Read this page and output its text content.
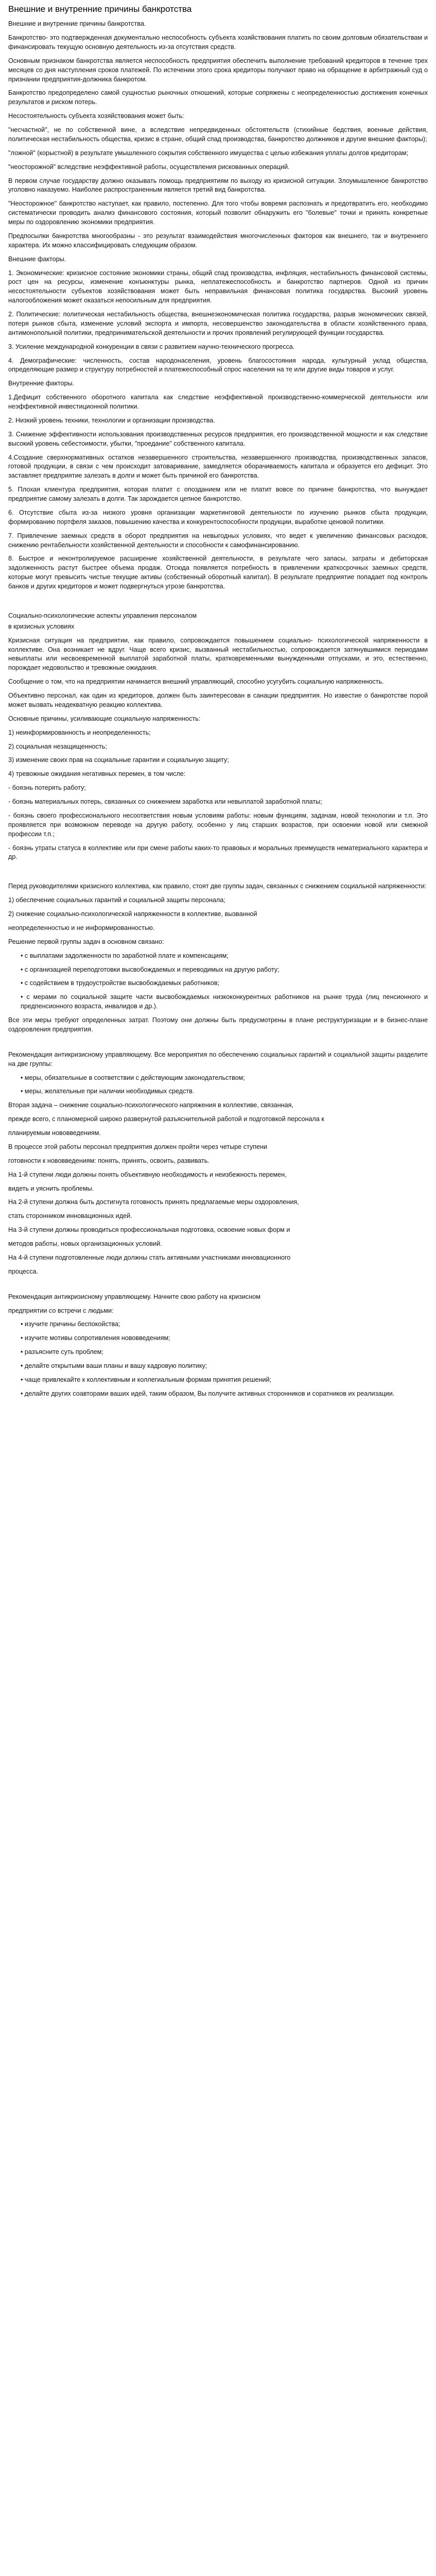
Внешние и внутренние причины банкротства

Внешние и внутренние причины банкротства.

Банкротство- это подтвержденная документально неспособность субъекта хозяйствования платить по своим долговым обязательствам и финансировать текущую основную деятельность из-за отсутствия средств.

Основным признаком банкротства является неспособность предприятия обеспечить выполнение требований кредиторов в течение трех месяцев со дня наступления сроков платежей. По истечении этого срока кредиторы получают право на обращение в арбитражный суд о признании предприятия-должника банкротом.

Банкротство предопределено самой сущностью рыночных отношений, которые сопряжены с неопределенностью достижения конечных результатов и риском потерь.

Несостоятельность субъекта хозяйствования может быть:

"несчастной", не по собственной вине, а вследствие непредвиденных обстоятельств (стихийные бедствия, военные действия, политическая нестабильность общества, кризис в стране, общий спад производства, банкротство должников и другие внешние факторы);

"ложной" (корыстной) в результате умышленного сокрытия собственного имущества с целью избежания уплаты долгов кредиторам;

"неосторожной" вследствие неэффективной работы, осуществления рискованных операций.

В первом случае государству должно оказывать помощь предприятиям по выходу из кризисной ситуации. Злоумышленное банкротство уголовно наказуемо. Наиболее распространенным является третий вид банкротства.

"Неосторожное" банкротство наступает, как правило, постепенно. Для того чтобы вовремя распознать и предотвратить его, необходимо систематически проводить анализ финансового состояния, который позволит обнаружить его "болевые" точки и принять конкретные меры по оздоровлению экономики предприятия.

Предпосылки банкротства многообразны - это результат взаимодействия многочисленных факторов как внешнего, так и внутреннего характера. Их можно классифицировать следующим образом.

Внешние факторы.

1. Экономические: кризисное состояние экономики страны, общий спад производства, инфляция, нестабильность финансовой системы, рост цен на ресурсы, изменение конъюнктуры рынка, неплатежеспособность и банкротство партнеров. Одной из причин несостоятельности субъектов хозяйствования может быть неправильная финансовая политика государства. Высокий уровень налогообложения может оказаться непосильным для предприятия.

2. Политические: политическая нестабильность общества, внешнеэкономическая политика государства, разрыв экономических связей, потеря рынков сбыта, изменение условий экспорта и импорта, несовершенство законодательства в области хозяйственного права, антимонопольной политики, предпринимательской деятельности и прочих проявлений регулирующей функции государства.

3. Усиление международной конкуренции в связи с развитием научно-технического прогресса.

4. Демографические: численность, состав народонаселения, уровень благосостояния народа, культурный уклад общества, определяющие размер и структуру потребностей и платежеспособный спрос населения на те или другие виды товаров и услуг.

Внутренние факторы.

1.Дефицит собственного оборотного капитала как следствие неэффективной производственно-коммерческой деятельности или неэффективной инвестиционной политики.

2. Низкий уровень техники, технологии и организации производства.

3. Снижение эффективности использования производственных ресурсов предприятия, его производственной мощности и как следствие высокий уровень себестоимости, убытки, "проедание" собственного капитала.

4.Создание сверхнормативных остатков незавершенного строительства, незавершенного производства, производственных запасов, готовой продукции, в связи с чем происходит затоваривание, замедляется оборачиваемость капитала и образуется его дефицит. Это заставляет предприятие залезать в долги и может быть причиной его банкротства.

5. Плохая клиентура предприятия, которая платит с опозданием или не платит вовсе по причине банкротства, что вынуждает предприятие самому залезать в долги. Так зарождается цепное банкротство.

6. Отсутствие сбыта из-за низкого уровня организации маркетинговой деятельности по изучению рынков сбыта продукции, формированию портфеля заказов, повышению качества и конкурентоспособности продукции, выработке ценовой политики.

7. Привлечение заемных средств в оборот предприятия на невыгодных условиях, что ведет к увеличению финансовых расходов, снижению рентабельности хозяйственной деятельности и способности к самофинансированию.

8. Быстрое и неконтролируемое расширение хозяйственной деятельности, в результате чего запасы, затраты и дебиторская задолженность растут быстрее объема продаж. Отсюда появляется потребность в привлечении краткосрочных заемных средств, которые могут превысить чистые текущие активы (собственный оборотный капитал). В результате предприятие попадает под контроль банков и других кредиторов и может подвергнуться угрозе банкротства.

Социально-психологические аспекты управления персоналом

в кризисных условиях

Кризисная ситуация на предприятии, как правило, сопровождается повышением социально- психологической напряженности в коллективе. Она возникает не вдруг. Чаще всего кризис, вызванный нестабильностью, сопровождается затянувшимися периодами невыплаты или несвоевременной выплатой заработной платы, кратковременными вынужденными отпусками, и это, естественно, порождает недовольство и тревожные ожидания.

Сообщение о том, что на предприятии начинается внешний управляющий, способно усугубить социальную напряженность.

Объективно персонал, как один из кредиторов, должен быть заинтересован в санации предприятия. Но известие о банкротстве порой может вызвать неадекватную реакцию коллектива.

Основные причины, усиливающие социальную напряженность:

1) неинформированность и неопределенность;

2) социальная незащищенность;

3) изменение своих прав на социальные гарантии и социальную защиту;

4) тревожные ожидания негативных перемен, в том числе:

- боязнь потерять работу;

- боязнь материальных потерь, связанных со снижением заработка или невыплатой заработной платы;

- боязнь своего профессионального несоответствия новым условиям работы: новым функциям, задачам, новой технологии и т.п. Это проявляется при возможном переводе на другую работу, особенно у лиц старших возрастов, при освоении новой или смежной профессии т.п.;

- боязнь утраты статуса в коллективе или при смене работы каких-то правовых и моральных преимуществ нематериального характера и др.

Перед руководителями кризисного коллектива, как правило, стоят две группы задач, связанных с снижением социальной напряженности:

1) обеспечение социальных гарантий и социальной защиты персонала;

2) снижение социально-психологической напряженности в коллективе, вызванной

неопределенностью и не информированностью.

Решение первой группы задач в основном связано:

• с выплатами задолженности по заработной плате и компенсациям;

• с организацией переподготовки высвобождаемых и переводимых на другую работу;

• с содействием в трудоустройстве высвобождаемых работников;

• с мерами по социальной защите части высвобождаемых низкоконкурентных работников на рынке труда (лиц пенсионного и предпенсионного возраста, инвалидов и др.).

Все эти меры требуют определенных затрат. Поэтому они должны быть предусмотрены в плане реструктуризации и в бизнес-плане оздоровления предприятия.

Рекомендация антикризисному управляющему. Все мероприятия по обеспечению социальных гарантий и социальной защиты разделите на две группы:

• меры, обязательные в соответствии с действующим законодательством;

• меры, желательные при наличии необходимых средств.

Вторая задача – снижение социально-психологического напряжения в коллективе, связанная,

прежде всего, с планомерной широко развернутой разъяснительной работой и подготовкой персонала к

планируемым нововведениям.

В процессе этой работы персонал предприятия должен пройти через четыре ступени

готовности к нововведениям: понять, принять, освоить, развивать.

На 1-й ступени люди должны понять объективную необходимость и неизбежность перемен,

видеть и уяснить проблемы.

На 2-й ступени должна быть достигнута готовность принять предлагаемые меры оздоровления,

стать сторонником инновационных идей.

На 3-й ступени должны проводиться профессиональная подготовка, освоение новых форм и

методов работы, новых организационных условий.

На 4-й ступени подготовленные люди должны стать активными участниками инновационного

процесса.

Рекомендация антикризисному управляющему. Начните свою работу на кризисном

предприятии со встречи с людьми:

• изучите причины беспокойства;

• изучите мотивы сопротивления нововведениям;

• разъясните суть проблем;

• делайте открытыми ваши планы и вашу кадровую политику;

• чаще привлекайте к коллективным и коллегиальным формам принятия решений;

• делайте других соавторами ваших идей, таким образом, Вы получите активных сторонников и соратников их реализации.
